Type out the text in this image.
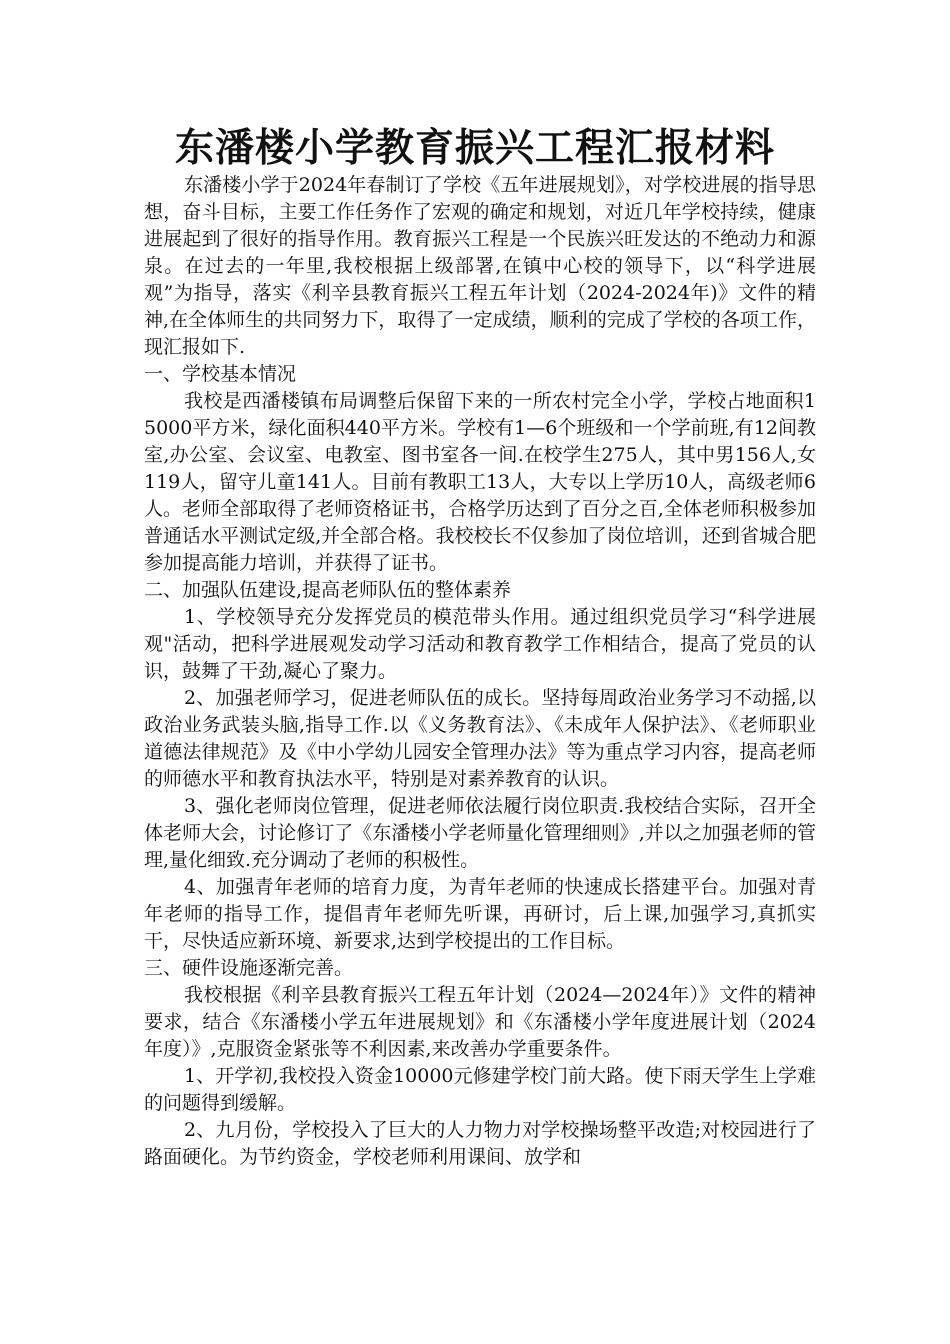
东潘楼小学教育振兴工程汇报材料

东潘楼小学于2024年春制订了学校《五年进展规划》，对学校进展的指导思想，奋斗目标，主要工作任务作了宏观的确定和规划，对近几年学校持续，健康进展起到了很好的指导作用。教育振兴工程是一个民族兴旺发达的不绝动力和源泉。在过去的一年里,我校根据上级部署,在镇中心校的领导下，以“科学进展观”为指导，落实《利辛县教育振兴工程五年计划（2024-2024年)》文件的精神,在全体师生的共同努力下，取得了一定成绩，顺利的完成了学校的各项工作，现汇报如下.

一、学校基本情况

我校是西潘楼镇布局调整后保留下来的一所农村完全小学，学校占地面积15000平方米，绿化面积440平方米。学校有1—6个班级和一个学前班,有12间教室,办公室、会议室、电教室、图书室各一间.在校学生275人，其中男156人,女119人，留守儿童141人。目前有教职工13人，大专以上学历10人，高级老师6人。老师全部取得了老师资格证书，合格学历达到了百分之百,全体老师积极参加普通话水平测试定级,并全部合格。我校校长不仅参加了岗位培训，还到省城合肥参加提高能力培训，并获得了证书。

二、加强队伍建设,提高老师队伍的整体素养

1、学校领导充分发挥党员的模范带头作用。通过组织党员学习“科学进展观"活动，把科学进展观发动学习活动和教育教学工作相结合，提高了党员的认识，鼓舞了干劲,凝心了聚力。

2、加强老师学习，促进老师队伍的成长。坚持每周政治业务学习不动摇,以政治业务武装头脑,指导工作.以《义务教育法》、《未成年人保护法》、《老师职业道德法律规范》及《中小学幼儿园安全管理办法》等为重点学习内容，提高老师的师德水平和教育执法水平，特别是对素养教育的认识。

3、强化老师岗位管理，促进老师依法履行岗位职责.我校结合实际，召开全体老师大会，讨论修订了《东潘楼小学老师量化管理细则》,并以之加强老师的管理,量化细致.充分调动了老师的积极性。

4、加强青年老师的培育力度，为青年老师的快速成长搭建平台。加强对青年老师的指导工作，提倡青年老师先听课，再研讨，后上课,加强学习,真抓实干，尽快适应新环境、新要求,达到学校提出的工作目标。

三、硬件设施逐渐完善。

我校根据《利辛县教育振兴工程五年计划（2024—2024年）》文件的精神要求，结合《东潘楼小学五年进展规划》和《东潘楼小学年度进展计划（2024年度）》,克服资金紧张等不利因素,来改善办学重要条件。

1、开学初,我校投入资金10000元修建学校门前大路。使下雨天学生上学难的问题得到缓解。

2、九月份，学校投入了巨大的人力物力对学校操场整平改造;对校园进行了路面硬化。为节约资金，学校老师利用课间、放学和
